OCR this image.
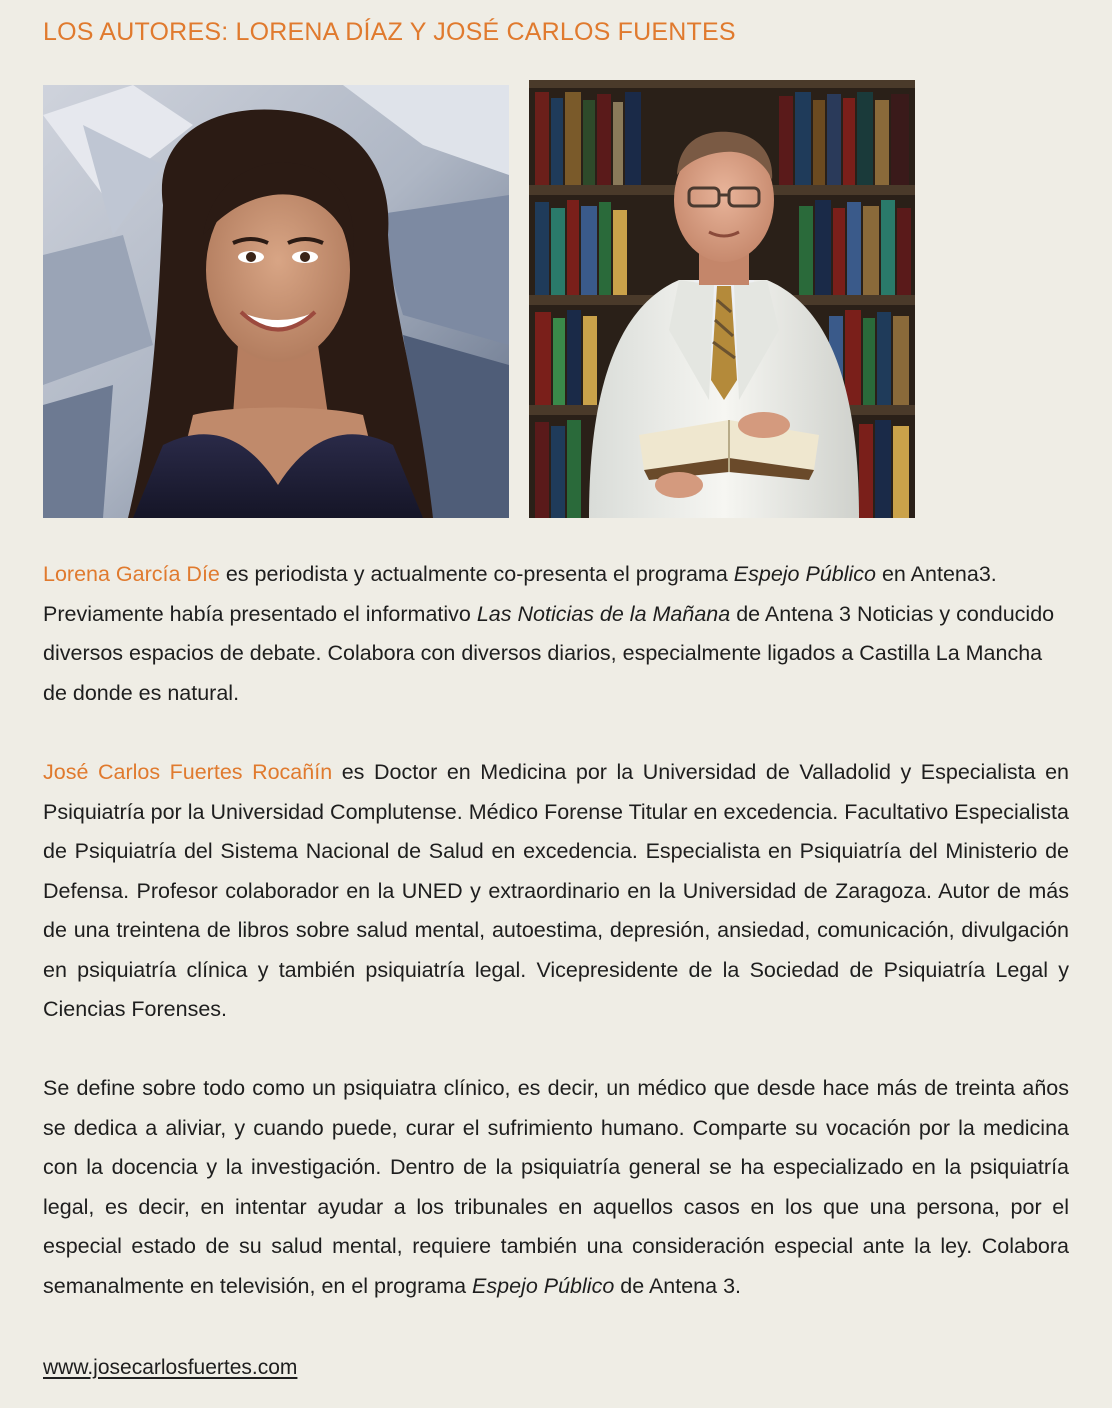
LOS AUTORES: LORENA DÍAZ Y JOSÉ CARLOS FUENTES

Lorena García Díe es periodista y actualmente co-presenta el programa Espejo Público en Antena3. Previamente había presentado el informativo Las Noticias de la Mañana de Antena 3 Noticias y conducido diversos espacios de debate. Colabora con diversos diarios, especialmente ligados a Castilla La Mancha de donde es natural.

José Carlos Fuertes Rocañín es Doctor en Medicina por la Universidad de Valladolid y Especialista en Psiquiatría por la Universidad Complutense. Médico Forense Titular en excedencia. Facultativo Especialista de Psiquiatría del Sistema Nacional de Salud en excedencia. Especialista en Psiquiatría del Ministerio de Defensa. Profesor colaborador en la UNED y extraordinario en la Universidad de Zaragoza. Autor de más de una treintena de libros sobre salud mental, autoestima, depresión, ansiedad, comunicación, divulgación en psiquiatría clínica y también psiquiatría legal. Vicepresidente de la Sociedad de Psiquiatría Legal y Ciencias Forenses.

Se define sobre todo como un psiquiatra clínico, es decir, un médico que desde hace más de treinta años se dedica a aliviar, y cuando puede, curar el sufrimiento humano. Comparte su vocación por la medicina con la docencia y la investigación. Dentro de la psiquiatría general se ha especializado en la psiquiatría legal, es decir, en intentar ayudar a los tribunales en aquellos casos en los que una persona, por el especial estado de su salud mental, requiere también una consideración especial ante la ley. Colabora semanalmente en televisión, en el programa Espejo Público de Antena 3.

www.josecarlosfuertes.com
